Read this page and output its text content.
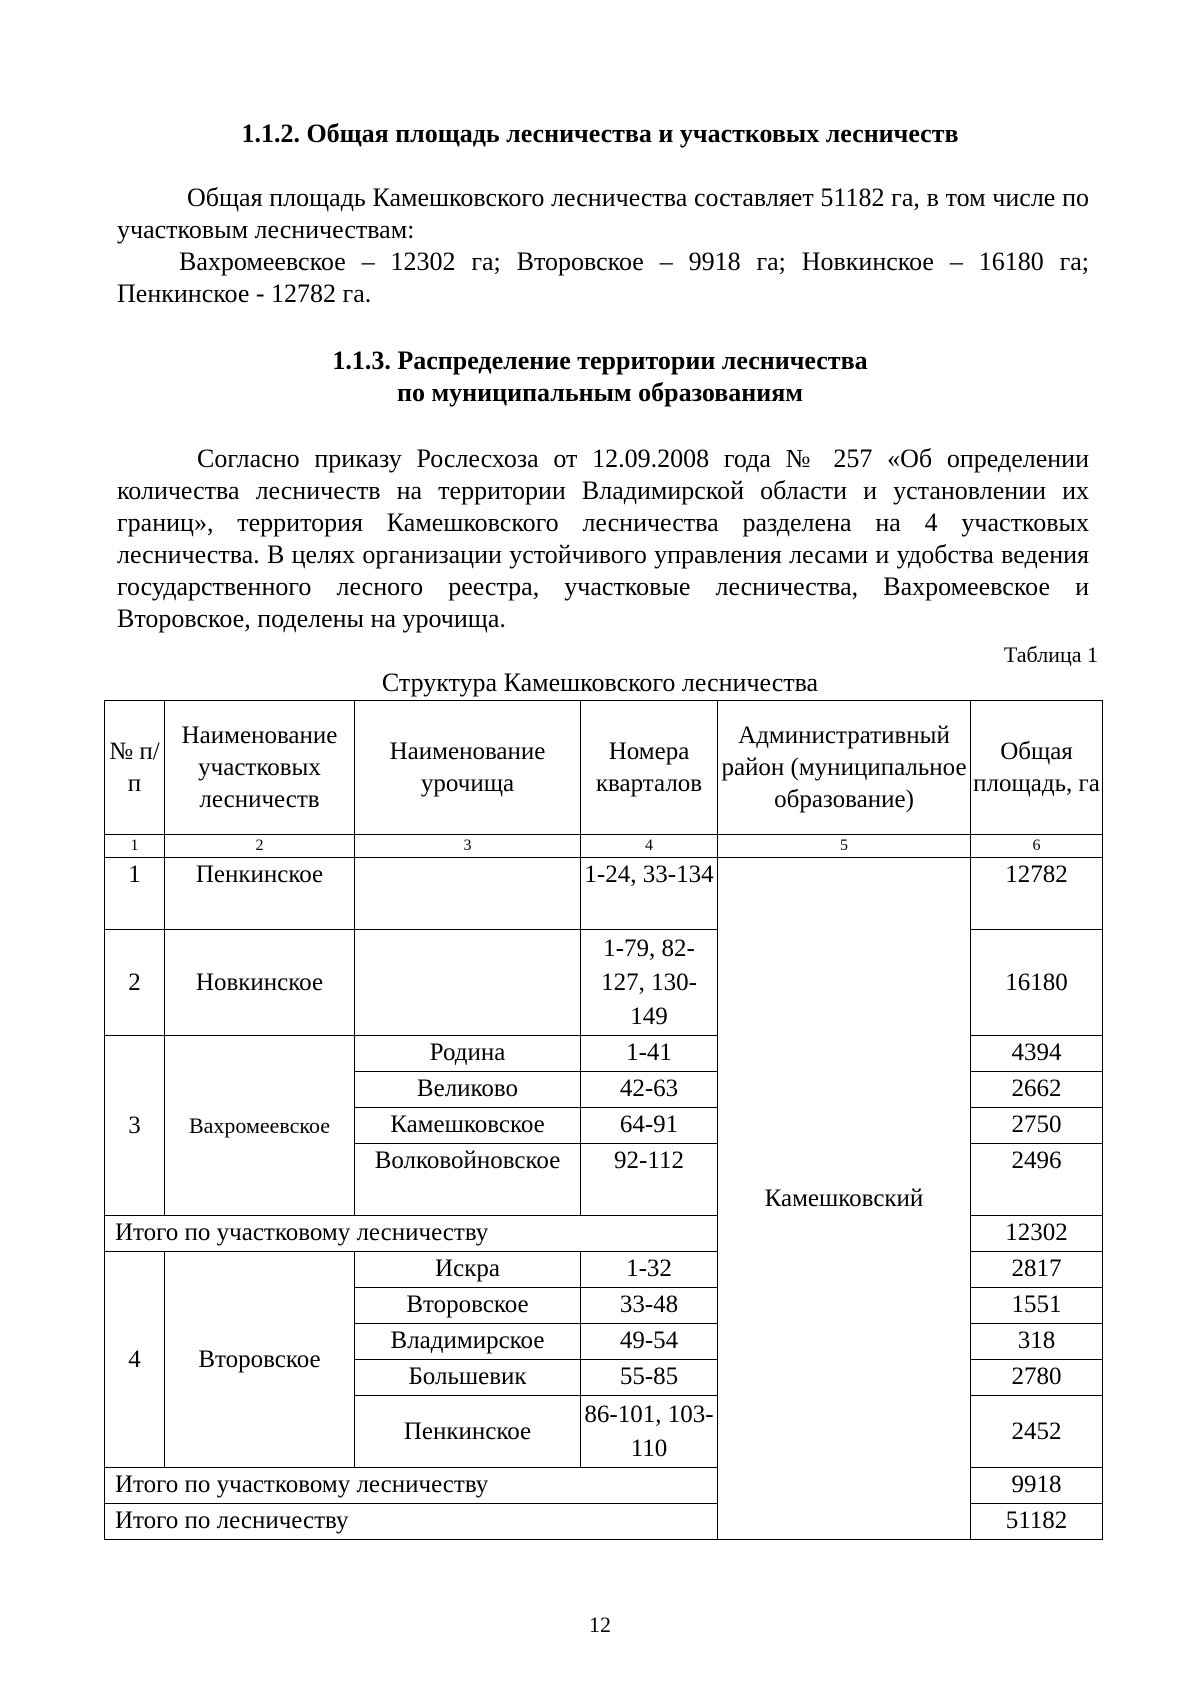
1.1.2. Общая площадь лесничества и участковых лесничеств
Общая площадь Камешковского лесничества составляет 51182 га, в том числе по участковым лесничествам:
Вахромеевское – 12302 га; Второвское – 9918 га; Новкинское – 16180 га; Пенкинское - 12782 га.
1.1.3. Распределение территории лесничества
по муниципальным образованиям
Согласно приказу Рослесхоза от 12.09.2008 года № 257 «Об определении количества лесничеств на территории Владимирской области и установлении их границ», территория Камешковского лесничества разделена на 4 участковых лесничества. В целях организации устойчивого управления лесами и удобства ведения государственного лесного реестра, участковые лесничества, Вахромеевское и Второвское, поделены на урочища.
Таблица 1
Структура Камешковского лесничества
№ п/п	Наименование участковых лесничеств	Наименование урочища	Номера кварталов	Административный район (муниципальное образование)	Общая площадь, га
1	2	3	4	5	6
1	Пенкинское		1-24, 33-134	Камешковский	12782
2	Новкинское		1-79, 82-127, 130-149		16180
3	Вахромеевское	Родина	1-41		4394
		Великово	42-63		2662
		Камешковское	64-91		2750
		Волковойновское	92-112		2496
Итого по участковому лесничеству					12302
4	Второвское	Искра	1-32		2817
		Второвское	33-48		1551
		Владимирское	49-54		318
		Большевик	55-85		2780
		Пенкинское	86-101, 103-110		2452
Итого по участковому лесничеству					9918
Итого по лесничеству					51182
12
